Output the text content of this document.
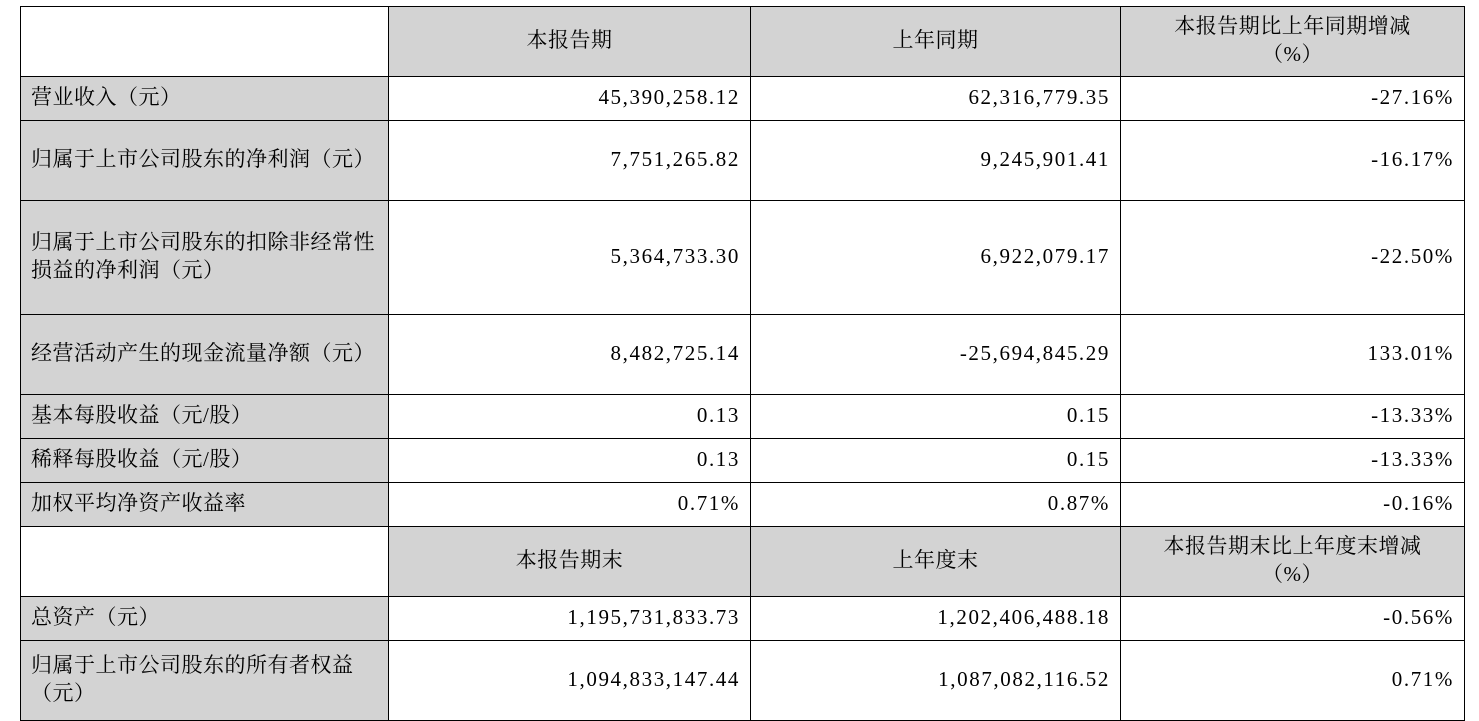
	本报告期	上年同期	本报告期比上年同期增减
（%）

营业收入（元）	45,390,258.12	62,316,779.35	-27.16%
归属于上市公司股东的净利润（元）	7,751,265.82	9,245,901.41	-16.17%
归属于上市公司股东的扣除非经常性损益的净利润（元）	5,364,733.30	6,922,079.17	-22.50%
经营活动产生的现金流量净额（元）	8,482,725.14	-25,694,845.29	133.01%
基本每股收益（元/股）	0.13	0.15	-13.33%
稀释每股收益（元/股）	0.13	0.15	-13.33%
加权平均净资产收益率	0.71%	0.87%	-0.16%
	本报告期末	上年度末	本报告期末比上年度末增减
（%）

总资产（元）	1,195,731,833.73	1,202,406,488.18	-0.56%
归属于上市公司股东的所有者权益（元）	1,094,833,147.44	1,087,082,116.52	0.71%
